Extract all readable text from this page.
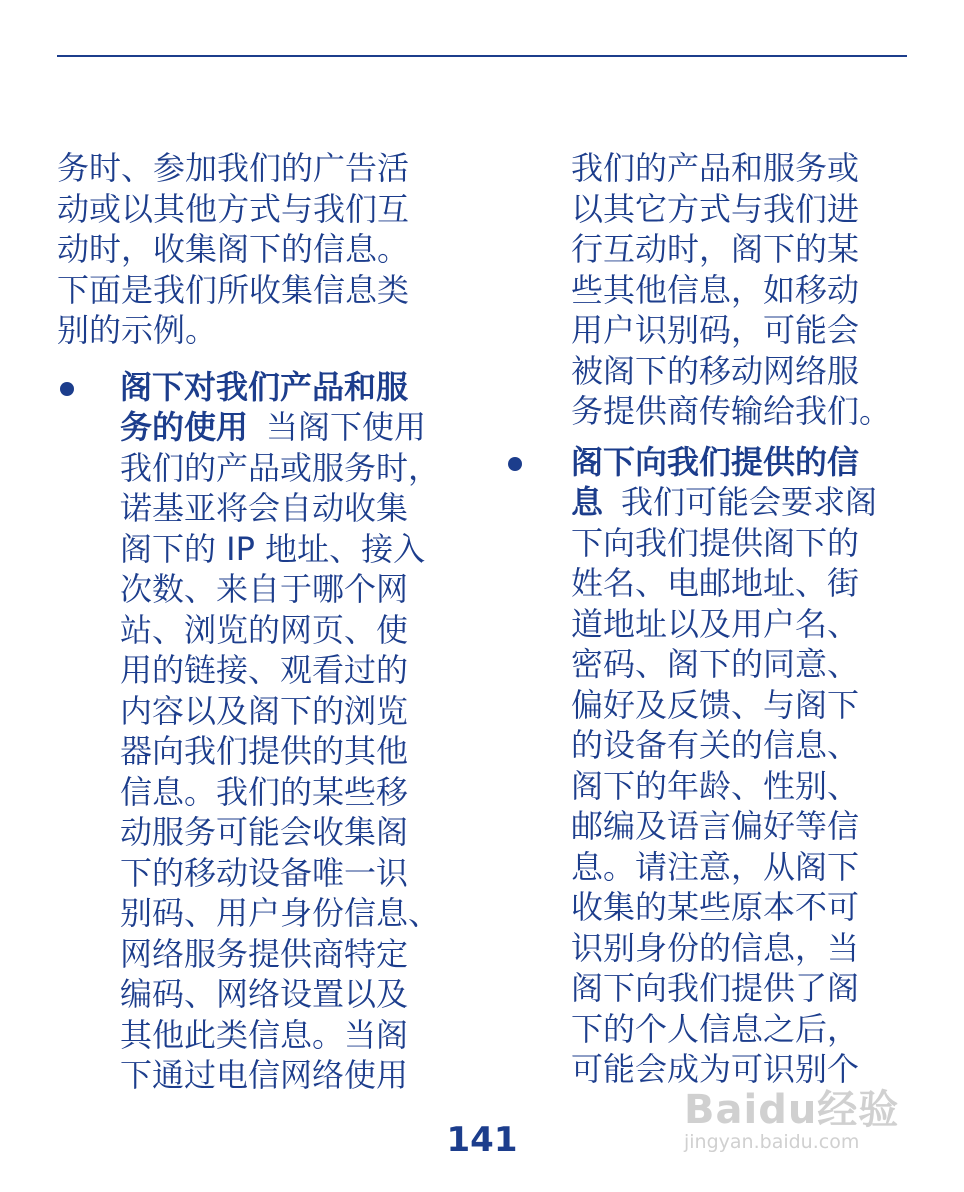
务时、参加我们的广告活
动或以其他方式与我们互
动时，收集阁下的信息。
下面是我们所收集信息类
别的示例。
阁下对我们产品和服
务的使用 当阁下使用
我们的产品或服务时，
诺基亚将会自动收集
阁下的 IP 地址、接入
次数、来自于哪个网
站、浏览的网页、使
用的链接、观看过的
内容以及阁下的浏览
器向我们提供的其他
信息。我们的某些移
动服务可能会收集阁
下的移动设备唯一识
别码、用户身份信息、
网络服务提供商特定
编码、网络设置以及
其他此类信息。当阁
下通过电信网络使用
我们的产品和服务或
以其它方式与我们进
行互动时，阁下的某
些其他信息，如移动
用户识别码，可能会
被阁下的移动网络服
务提供商传输给我们。
阁下向我们提供的信
息 我们可能会要求阁
下向我们提供阁下的
姓名、电邮地址、街
道地址以及用户名、
密码、阁下的同意、
偏好及反馈、与阁下
的设备有关的信息、
阁下的年龄、性别、
邮编及语言偏好等信
息。请注意，从阁下
收集的某些原本不可
识别身份的信息，当
阁下向我们提供了阁
下的个人信息之后，
可能会成为可识别个
141
Baidu经验
jingyan.baidu.com
